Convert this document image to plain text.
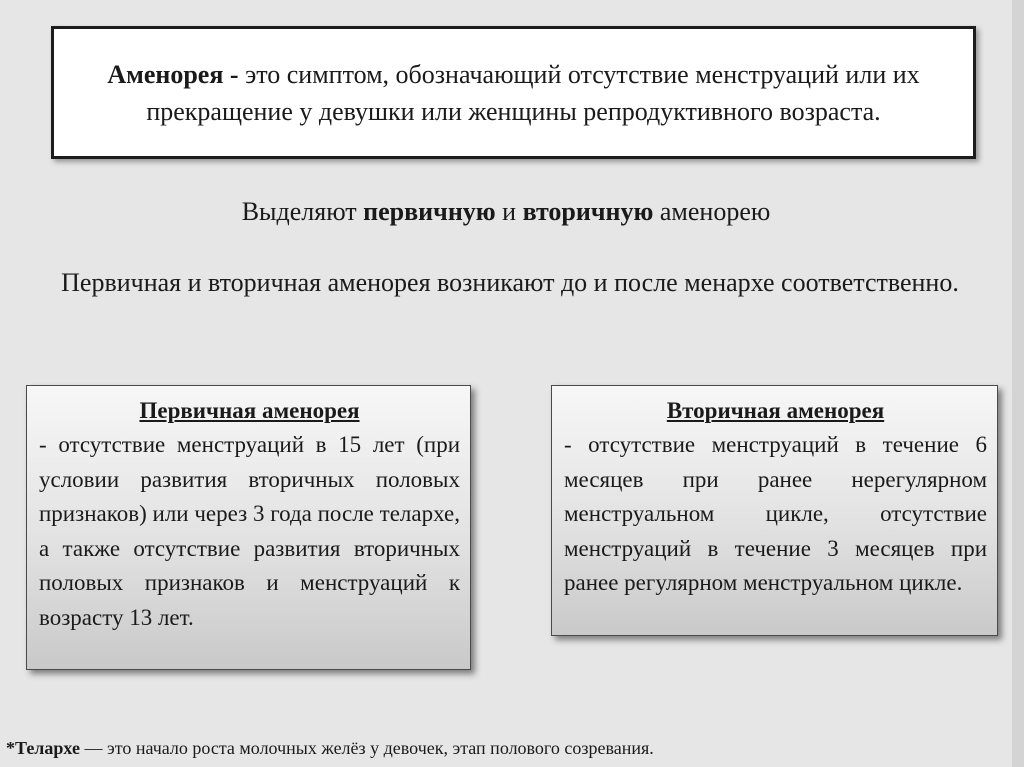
Аменорея - это симптом, обозначающий отсутствие менструаций или их прекращение у девушки или женщины репродуктивного возраста.
Выделяют первичную и вторичную аменорею
Первичная и вторичная аменорея возникают до и после менархе соответственно.
Первичная аменорея
- отсутствие менструаций в 15 лет (при условии развития вторичных половых признаков) или через 3 года после телархе, а также отсутствие развития вторичных половых признаков и менструаций к возрасту 13 лет.
Вторичная аменорея
- отсутствие менструаций в течение 6 месяцев при ранее нерегулярном менструальном цикле, отсутствие менструаций в течение 3 месяцев при ранее регулярном менструальном цикле.
*Телархе — это начало роста молочных желёз у девочек, этап полового созревания.
